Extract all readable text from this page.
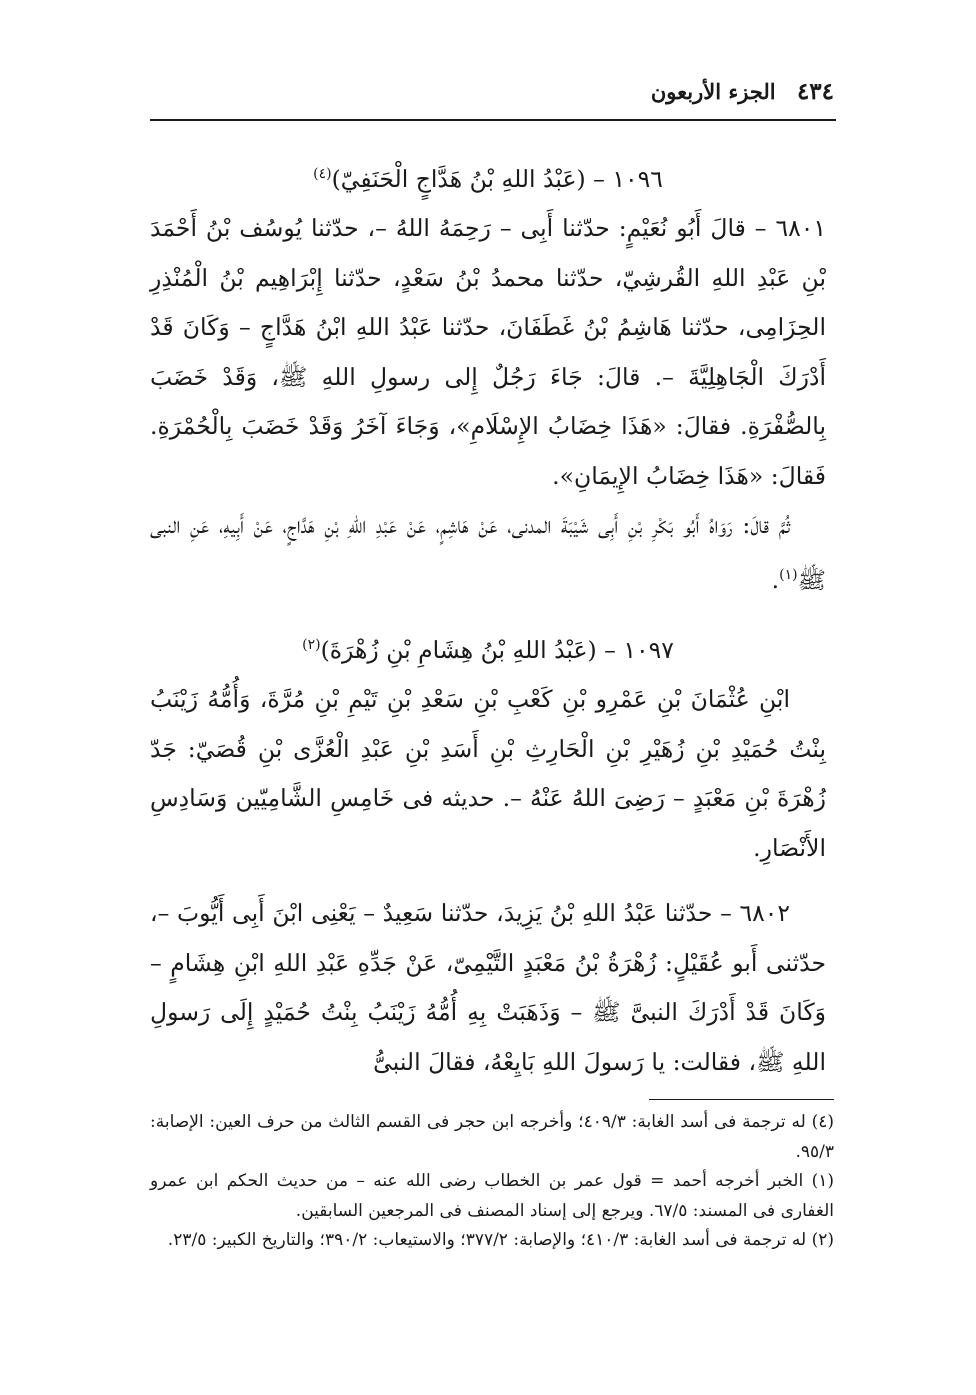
٤٣٤ الجزء الأربعون

١٠٩٦ – (عَبْدُ اللهِ بْنُ هَدَّاجٍ الْحَنَفِيّ)$^{(٤)}$

٦٨٠١ – قالَ أَبُو نُعَيْمٍ: حدّثنا أَبِى – رَحِمَهُ اللهُ –، حدّثنا يُوسُف بْنُ أَحْمَدَ بْنِ عَبْدِ اللهِ القُرشِيّ، حدّثنا محمدُ بْنُ سَعْدٍ، حدّثنا إِبْرَاهِيم بْنُ الْمُنْذِرِ الحِزَامِى، حدّثنا هَاشِمُ بْنُ غَطَفَانَ، حدّثنا عَبْدُ اللهِ ابْنُ هَدَّاجٍ – وَكَانَ قَدْ أَدْرَكَ الْجَاهِلِيَّةَ –. قالَ: جَاءَ رَجُلٌ إِلى رسولِ اللهِ ﷺ، وَقَدْ خَضَبَ بِالصُّفْرَةِ. فقالَ: «هَذَا خِضَابُ الإِسْلَامِ»، وَجَاءَ آخَرُ وَقَدْ خَضَبَ بِالْحُمْرَةِ. فَقالَ: «هَذَا خِضَابُ الإِيمَانِ».

ثُمَّ قالَ: رَوَاهُ أَبُو بَكْرِ بْنِ أَبِى شَيْبَةَ المدنى، عَنْ هَاشِمٍ، عَنْ عَبْدِ اللهِ بْنِ هَدَّاجٍ، عَنْ أَبِيهِ، عَنِ النبى ﷺ$^{(١)}$.

١٠٩٧ – (عَبْدُ اللهِ بْنُ هِشَامِ بْنِ زُهْرَةَ)$^{(٢)}$

ابْنِ عُثْمَانَ بْنِ عَمْرِو بْنِ كَعْبِ بْنِ سَعْدِ بْنِ تَيْمِ بْنِ مُرَّةَ، وَأُمُّهُ زَيْنَبُ بِنْتُ حُمَيْدِ بْنِ زُهَيْرِ بْنِ الْحَارِثِ بْنِ أَسَدِ بْنِ عَبْدِ الْعُزَّى بْنِ قُصَيّ: جَدّ زُهْرَةَ بْنِ مَعْبَدٍ – رَضِىَ اللهُ عَنْهُ –. حديثه فى خَامِسِ الشَّامِيّين وَسَادِسِ الأَنْصَارِ.

٦٨٠٢ – حدّثنا عَبْدُ اللهِ بْنُ يَزِيدَ، حدّثنا سَعِيدٌ – يَعْنِى ابْنَ أَبِى أَيُّوبَ –، حدّثنى أَبو عُقَيْلٍ: زُهْرَةُ بْنُ مَعْبَدٍ التَّيْمِىّ، عَنْ جَدِّهِ عَبْدِ اللهِ ابْنِ هِشَامٍ – وَكَانَ قَدْ أَدْرَكَ النبىَّ ﷺ – وَذَهَبَتْ بِهِ أُمُّهُ زَيْنَبُ بِنْتُ حُمَيْدٍ إِلَى رَسولِ اللهِ ﷺ، فقالت: يا رَسولَ اللهِ بَايِعْهُ، فقالَ النبىُّ

(٤) له ترجمة فى أسد الغابة: ٤٠٩/٣؛ وأخرجه ابن حجر فى القسم الثالث من حرف العين: الإصابة: ٩٥/٣.

(١) الخبر أخرجه أحمد = قول عمر بن الخطاب رضى الله عنه – من حديث الحكم ابن عمرو الغفارى فى المسند: ٦٧/٥. ويرجع إلى إسناد المصنف فى المرجعين السابقين.

(٢) له ترجمة فى أسد الغابة: ٤١٠/٣؛ والإصابة: ٣٧٧/٢؛ والاستيعاب: ٣٩٠/٢؛ والتاريخ الكبير: ٢٣/٥.
